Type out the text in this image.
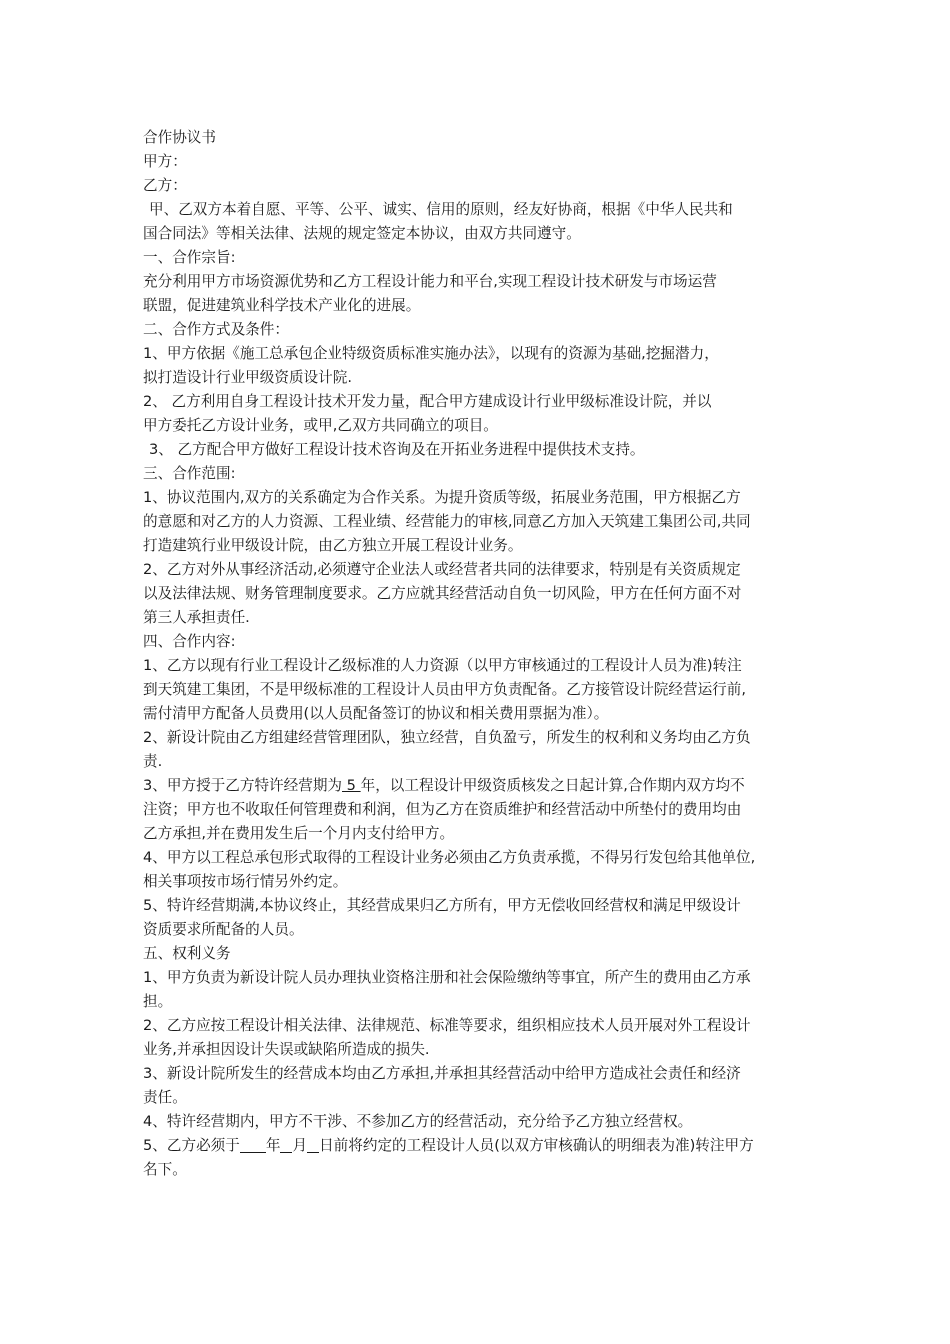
合作协议书
甲方：
乙方：
甲、乙双方本着自愿、平等、公平、诚实、信用的原则，经友好协商，根据《中华人民共和
国合同法》等相关法律、法规的规定签定本协议，由双方共同遵守。
一、合作宗旨:
充分利用甲方市场资源优势和乙方工程设计能力和平台,实现工程设计技术研发与市场运营
联盟，促进建筑业科学技术产业化的进展。
二、合作方式及条件：
1、甲方依据《施工总承包企业特级资质标准实施办法》，以现有的资源为基础,挖掘潜力，
拟打造设计行业甲级资质设计院.
2、 乙方利用自身工程设计技术开发力量，配合甲方建成设计行业甲级标准设计院，并以
甲方委托乙方设计业务，或甲,乙双方共同确立的项目。
3、 乙方配合甲方做好工程设计技术咨询及在开拓业务进程中提供技术支持。
三、合作范围:
1、协议范围内,双方的关系确定为合作关系。为提升资质等级，拓展业务范围，甲方根据乙方
的意愿和对乙方的人力资源、工程业绩、经营能力的审核,同意乙方加入天筑建工集团公司,共同
打造建筑行业甲级设计院，由乙方独立开展工程设计业务。
2、乙方对外从事经济活动,必须遵守企业法人或经营者共同的法律要求，特别是有关资质规定
以及法律法规、财务管理制度要求。乙方应就其经营活动自负一切风险，甲方在任何方面不对
第三人承担责任.
四、合作内容:
1、乙方以现有行业工程设计乙级标准的人力资源（以甲方审核通过的工程设计人员为准)转注
到天筑建工集团，不是甲级标准的工程设计人员由甲方负责配备。乙方接管设计院经营运行前,
需付清甲方配备人员费用(以人员配备签订的协议和相关费用票据为准）。
2、新设计院由乙方组建经营管理团队，独立经营，自负盈亏，所发生的权利和义务均由乙方负
责.
3、甲方授于乙方特许经营期为 5 年，以工程设计甲级资质核发之日起计算,合作期内双方均不
注资；甲方也不收取任何管理费和利润，但为乙方在资质维护和经营活动中所垫付的费用均由
乙方承担,并在费用发生后一个月内支付给甲方。
4、甲方以工程总承包形式取得的工程设计业务必须由乙方负责承揽，不得另行发包给其他单位,
相关事项按市场行情另外约定。
5、特许经营期满,本协议终止，其经营成果归乙方所有，甲方无偿收回经营权和满足甲级设计
资质要求所配备的人员。
五、权利义务
1、甲方负责为新设计院人员办理执业资格注册和社会保险缴纳等事宜，所产生的费用由乙方承
担。
2、乙方应按工程设计相关法律、法律规范、标准等要求，组织相应技术人员开展对外工程设计
业务,并承担因设计失误或缺陷所造成的损失.
3、新设计院所发生的经营成本均由乙方承担,并承担其经营活动中给甲方造成社会责任和经济
责任。
4、特许经营期内，甲方不干涉、不参加乙方的经营活动，充分给予乙方独立经营权。
5、乙方必须于 年 月 日前将约定的工程设计人员(以双方审核确认的明细表为准)转注甲方
名下。
